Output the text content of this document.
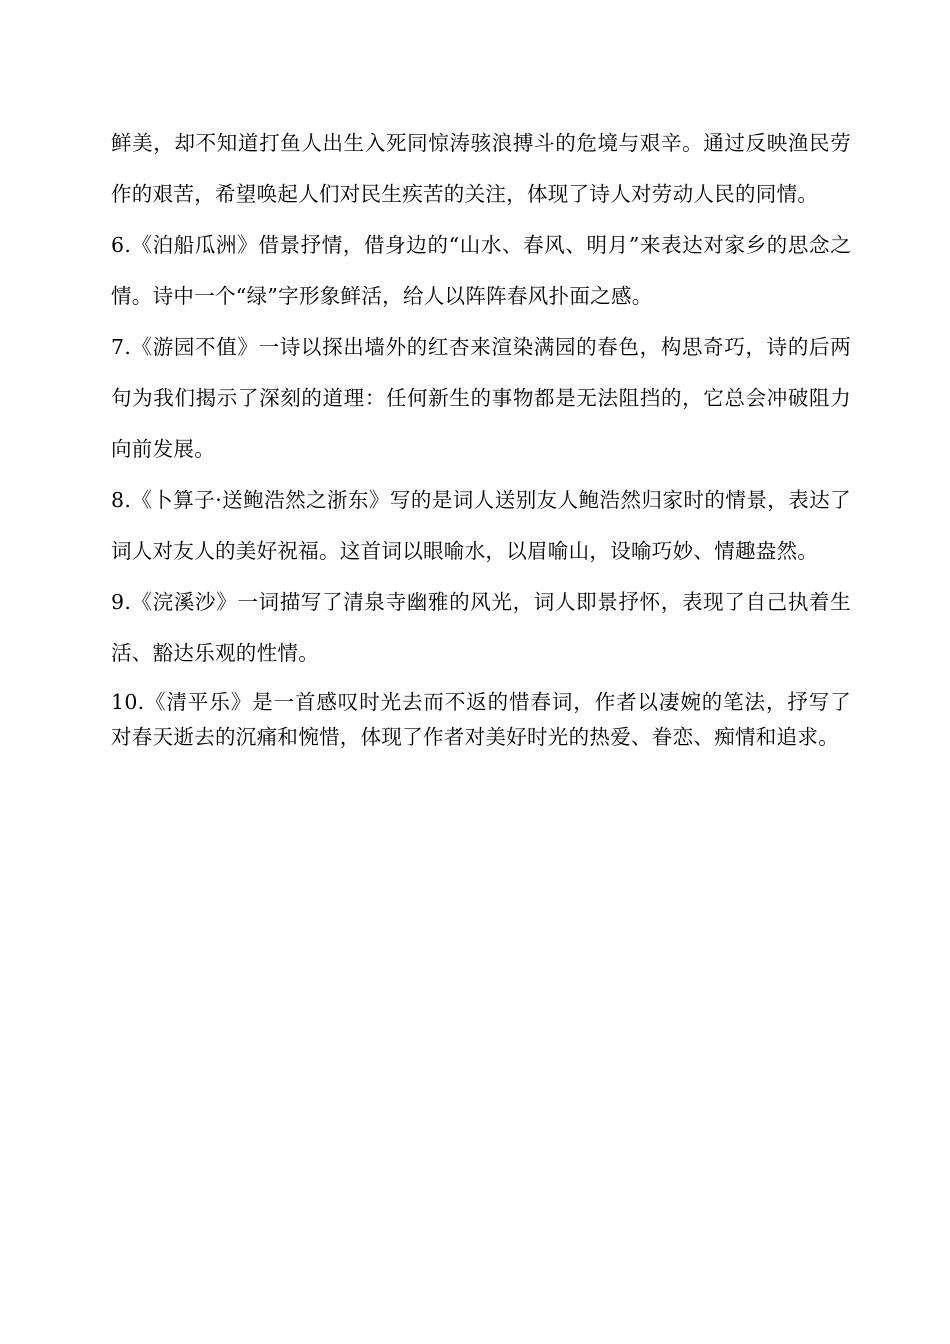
鲜美，却不知道打鱼人出生入死同惊涛骇浪搏斗的危境与艰辛。通过反映渔民劳作的艰苦，希望唤起人们对民生疾苦的关注，体现了诗人对劳动人民的同情。

6.《泊船瓜洲》借景抒情，借身边的“山水、春风、明月”来表达对家乡的思念之情。诗中一个“绿”字形象鲜活，给人以阵阵春风扑面之感。

7.《游园不值》一诗以探出墙外的红杏来渲染满园的春色，构思奇巧，诗的后两句为我们揭示了深刻的道理：任何新生的事物都是无法阻挡的，它总会冲破阻力向前发展。

8.《卜算子·送鲍浩然之浙东》写的是词人送别友人鲍浩然归家时的情景，表达了词人对友人的美好祝福。这首词以眼喻水，以眉喻山，设喻巧妙、情趣盎然。

9.《浣溪沙》一词描写了清泉寺幽雅的风光，词人即景抒怀，表现了自己执着生活、豁达乐观的性情。

10.《清平乐》是一首感叹时光去而不返的惜春词，作者以凄婉的笔法，抒写了对春天逝去的沉痛和惋惜，体现了作者对美好时光的热爱、眷恋、痴情和追求。
